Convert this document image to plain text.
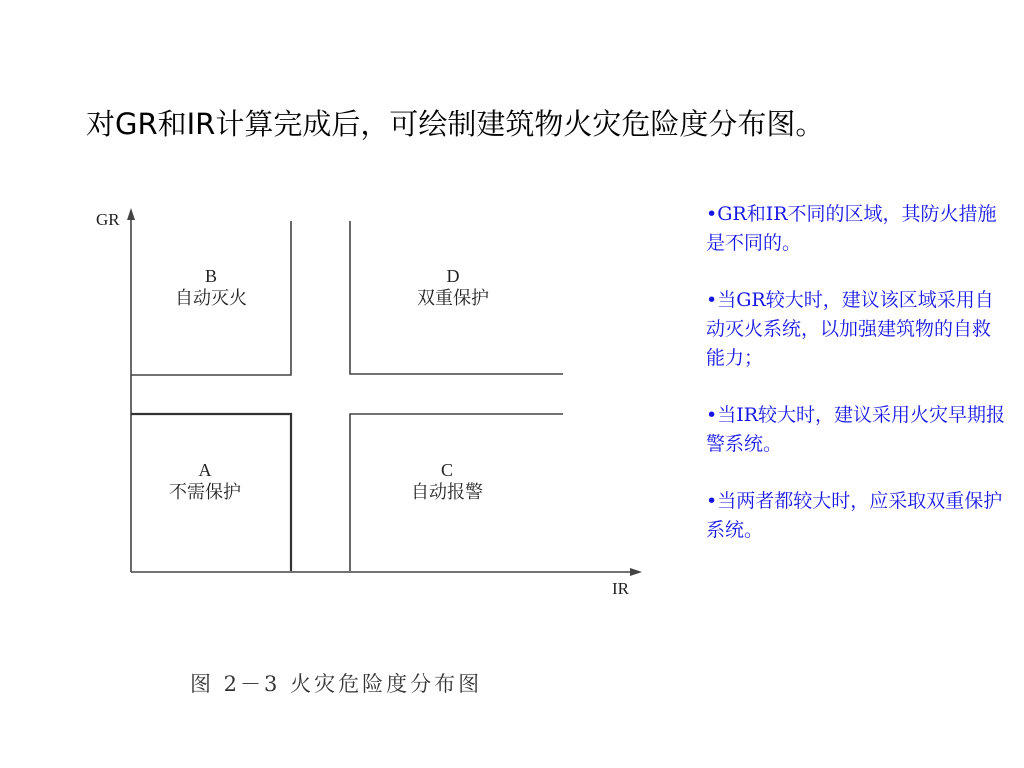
对GR和IR计算完成后，可绘制建筑物火灾危险度分布图。
GR
IR
B
自动灭火
D
双重保护
A
不需保护
C
自动报警
图 2－3 火灾危险度分布图
•GR和IR不同的区域，其防火措施是不同的。
•当GR较大时，建议该区域采用自动灭火系统，以加强建筑物的自救能力；
•当IR较大时，建议采用火灾早期报警系统。
•当两者都较大时，应采取双重保护系统。
